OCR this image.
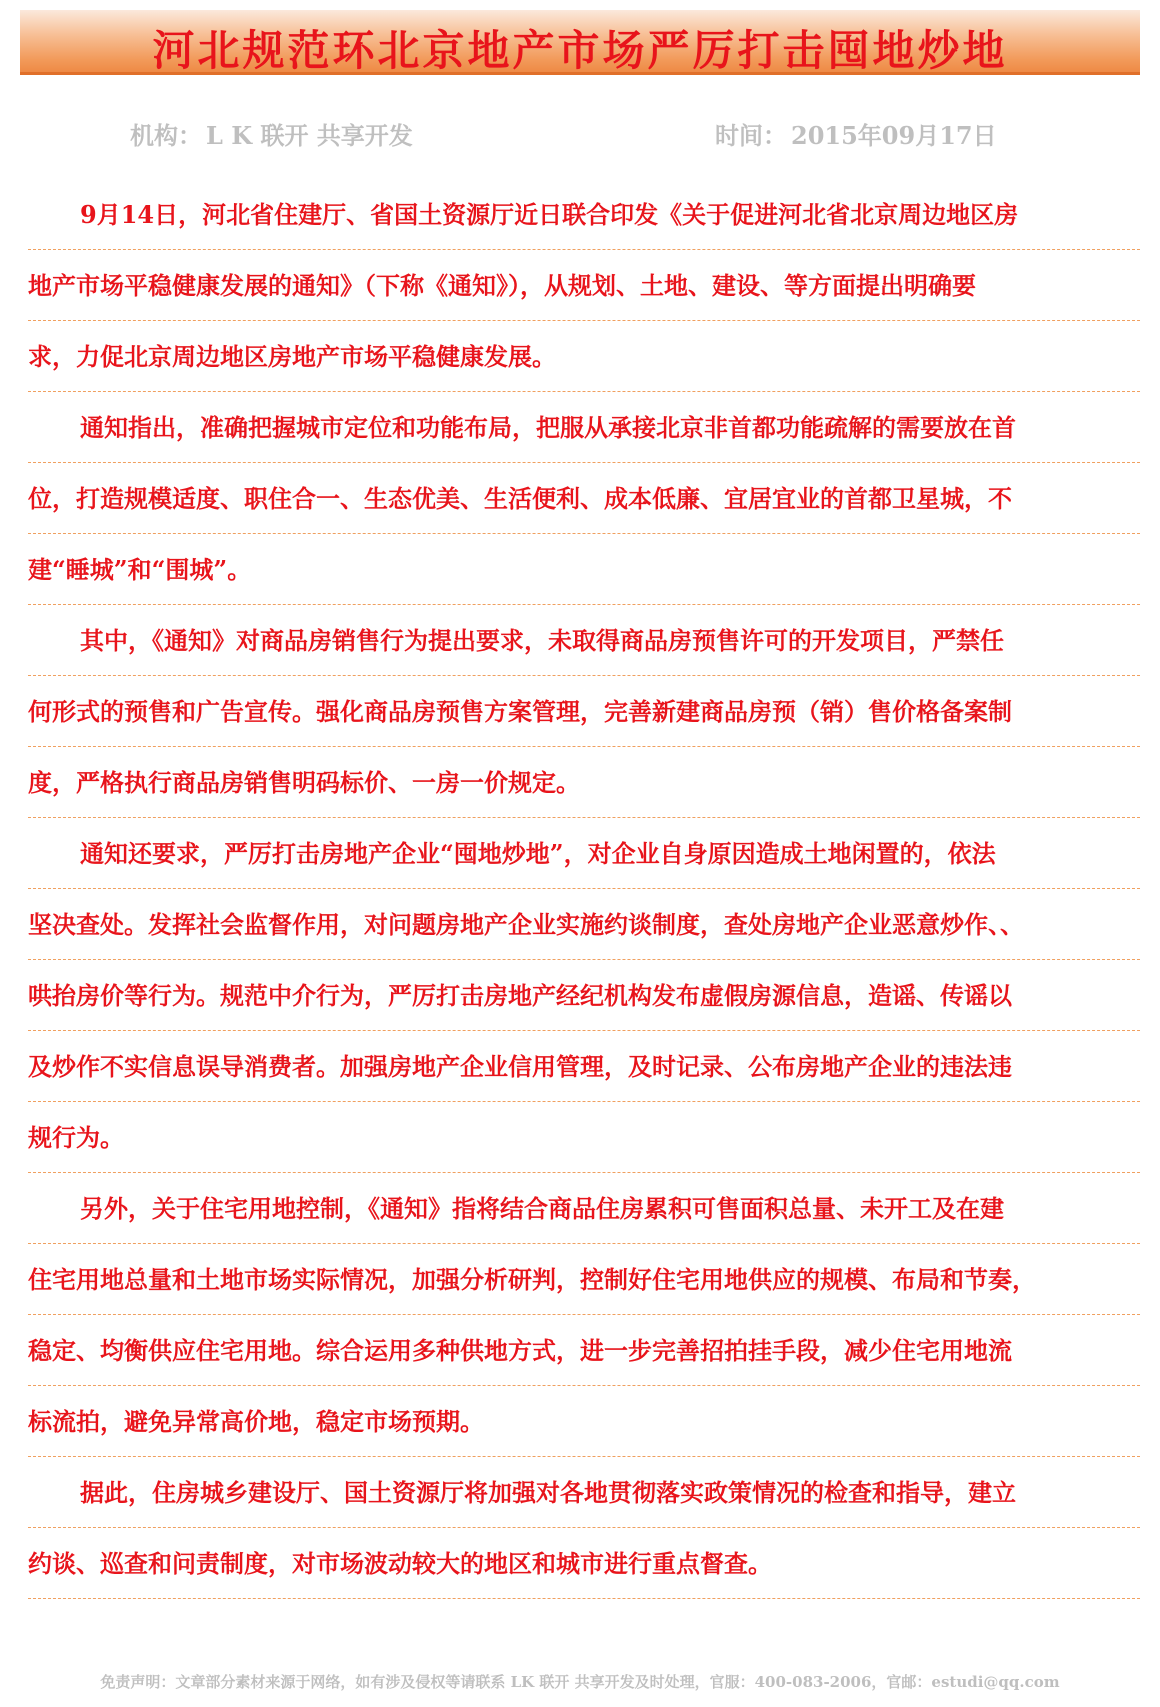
河北规范环北京地产市场严厉打击囤地炒地
机构： L K 联开 共享开发	时间： 2015年09月17日
9月14日，河北省住建厅、省国土资源厅近日联合印发《关于促进河北省北京周边地区房
地产市场平稳健康发展的通知》（下称《通知》），从规划、土地、建设、等方面提出明确要
求，力促北京周边地区房地产市场平稳健康发展。
通知指出，准确把握城市定位和功能布局，把服从承接北京非首都功能疏解的需要放在首
位，打造规模适度、职住合一、生态优美、生活便利、成本低廉、宜居宜业的首都卫星城，不
建“睡城”和“围城”。
其中，《通知》对商品房销售行为提出要求，未取得商品房预售许可的开发项目，严禁任
何形式的预售和广告宣传。强化商品房预售方案管理，完善新建商品房预（销）售价格备案制
度，严格执行商品房销售明码标价、一房一价规定。
通知还要求，严厉打击房地产企业“囤地炒地”，对企业自身原因造成土地闲置的，依法
坚决查处。发挥社会监督作用，对问题房地产企业实施约谈制度，查处房地产企业恶意炒作、、
哄抬房价等行为。规范中介行为，严厉打击房地产经纪机构发布虚假房源信息，造谣、传谣以
及炒作不实信息误导消费者。加强房地产企业信用管理，及时记录、公布房地产企业的违法违
规行为。
另外，关于住宅用地控制，《通知》指将结合商品住房累积可售面积总量、未开工及在建
住宅用地总量和土地市场实际情况，加强分析研判，控制好住宅用地供应的规模、布局和节奏，
稳定、均衡供应住宅用地。综合运用多种供地方式，进一步完善招拍挂手段，减少住宅用地流
标流拍，避免异常高价地，稳定市场预期。
据此，住房城乡建设厅、国土资源厅将加强对各地贯彻落实政策情况的检查和指导，建立
约谈、巡查和问责制度，对市场波动较大的地区和城市进行重点督查。
免责声明：文章部分素材来源于网络，如有涉及侵权等请联系 LK 联开 共享开发及时处理，官服：400-083-2006，官邮：estudi@qq.com
